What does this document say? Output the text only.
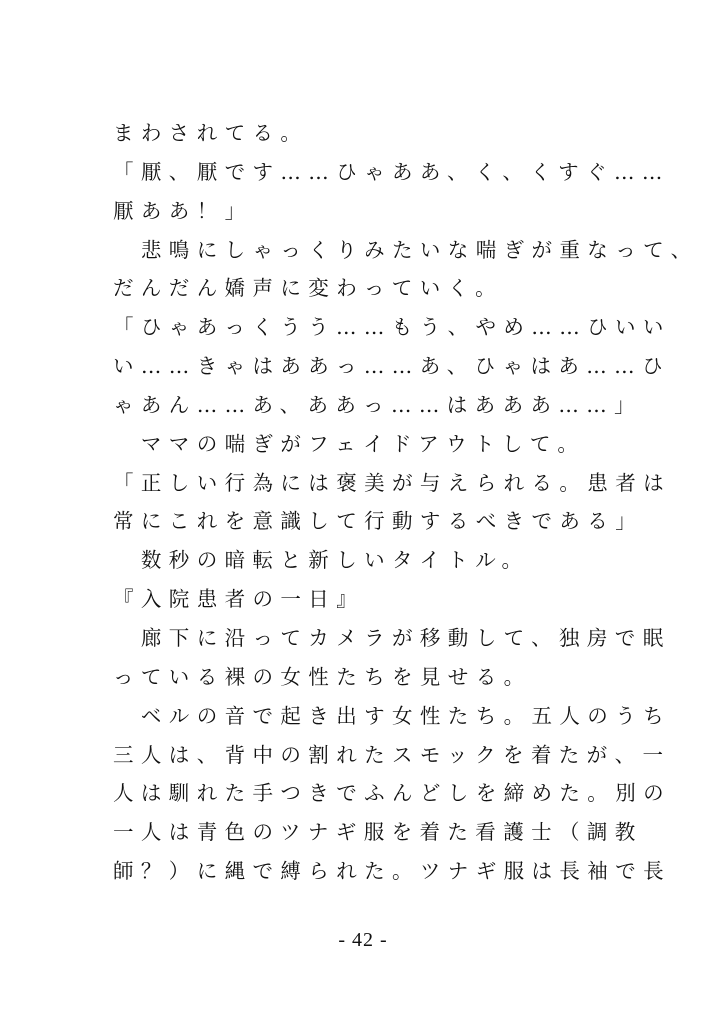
まわされてる。
「厭、厭です……ひゃああ、く、くすぐ……
厭ああ！」
　悲鳴にしゃっくりみたいな喘ぎが重なって、
だんだん嬌声に変わっていく。
「ひゃあっくうう……もう、やめ……ひいい
い……きゃはああっ……あ、ひゃはあ……ひ
ゃあん……あ、ああっ……はあああ……」
　ママの喘ぎがフェイドアウトして。
「正しい行為には褒美が与えられる。患者は
常にこれを意識して行動するべきである」
　数秒の暗転と新しいタイトル。
『入院患者の一日』
　廊下に沿ってカメラが移動して、独房で眠
っている裸の女性たちを見せる。
　ベルの音で起き出す女性たち。五人のうち
三人は、背中の割れたスモックを着たが、一
人は馴れた手つきでふんどしを締めた。別の
一人は青色のツナギ服を着た看護士（調教
師？）に縄で縛られた。ツナギ服は長袖で長
- 42 -
